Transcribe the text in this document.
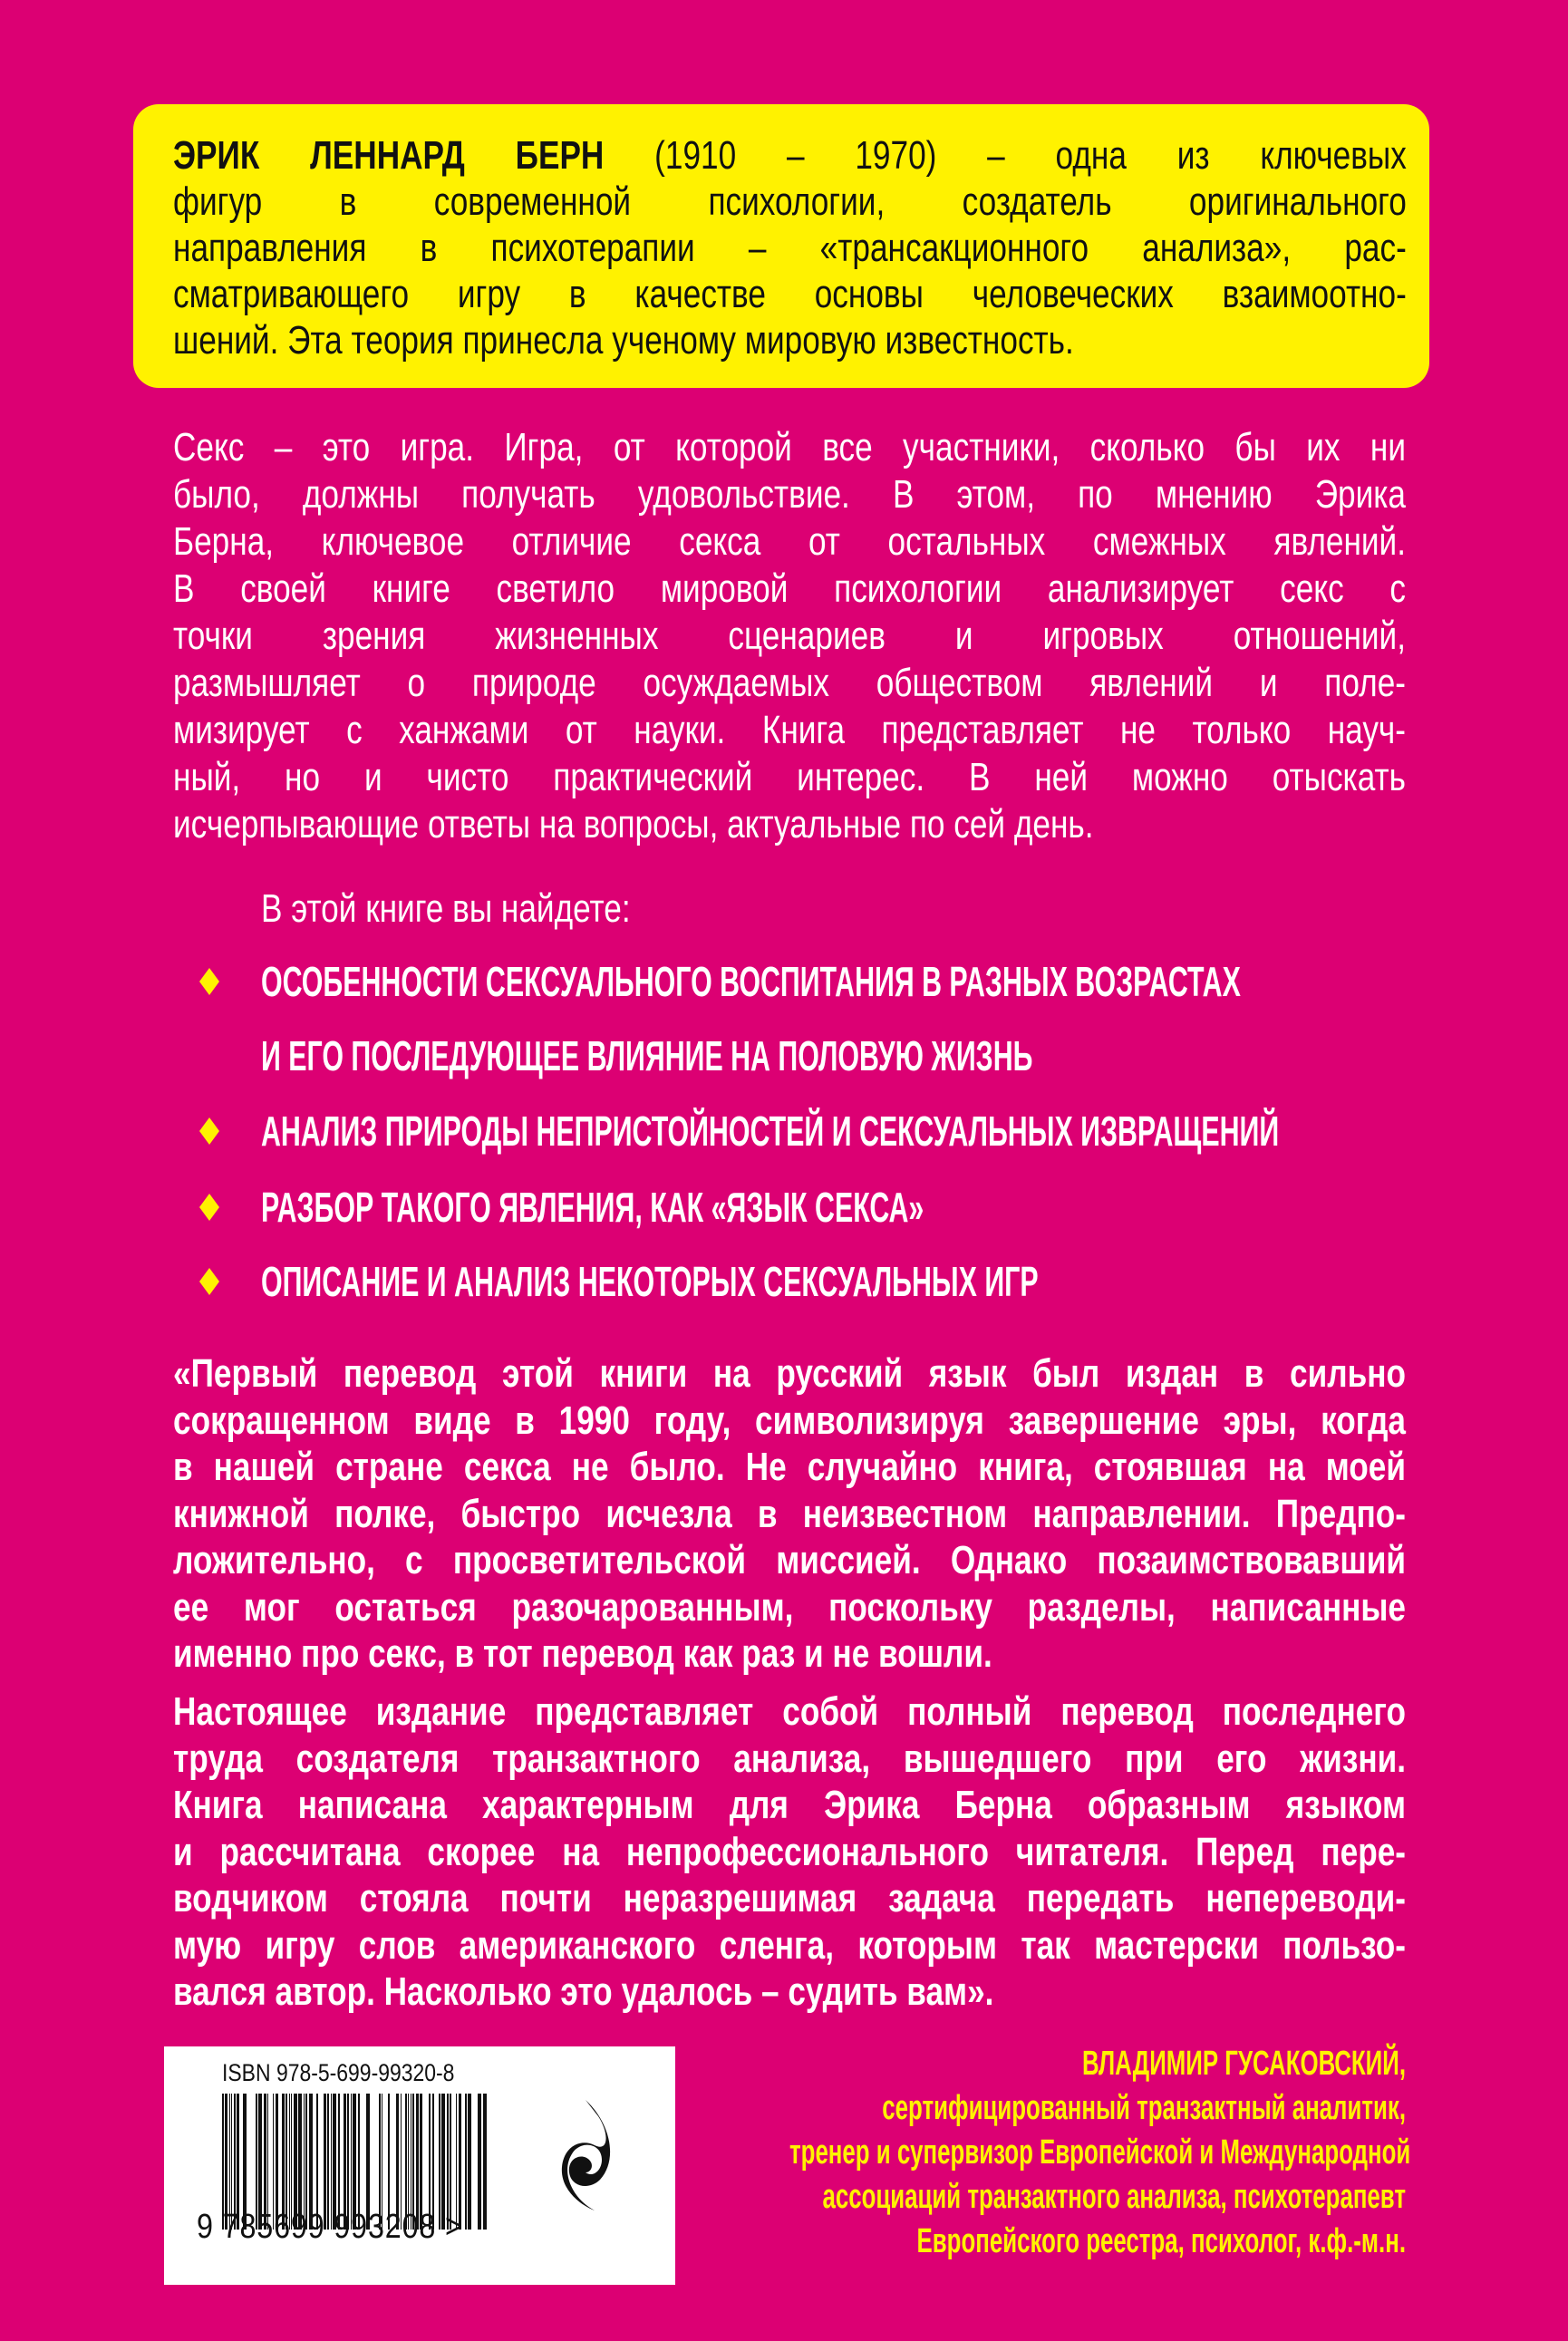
ЭРИК ЛЕННАРД БЕРН (1910 – 1970) – одна из ключевых
фигур в современной психологии, создатель оригинального
направления в психотерапии – «трансакционного анализа», рас-
сматривающего игру в качестве основы человеческих взаимоотно-
шений. Эта теория принесла ученому мировую известность.
Секс – это игра. Игра, от которой все участники, сколько бы их ни
было, должны получать удовольствие. В этом, по мнению Эрика
Берна, ключевое отличие секса от остальных смежных явлений.
В своей книге светило мировой психологии анализирует секс с
точки зрения жизненных сценариев и игровых отношений,
размышляет о природе осуждаемых обществом явлений и поле-
мизирует с ханжами от науки. Книга представляет не только науч-
ный, но и чисто практический интерес. В ней можно отыскать
исчерпывающие ответы на вопросы, актуальные по сей день.
В этой книге вы найдете:
ОСОБЕННОСТИ СЕКСУАЛЬНОГО ВОСПИТАНИЯ В РАЗНЫХ ВОЗРАСТАХ
И ЕГО ПОСЛЕДУЮЩЕЕ ВЛИЯНИЕ НА ПОЛОВУЮ ЖИЗНЬ
АНАЛИЗ ПРИРОДЫ НЕПРИСТОЙНОСТЕЙ И СЕКСУАЛЬНЫХ ИЗВРАЩЕНИЙ
РАЗБОР ТАКОГО ЯВЛЕНИЯ, КАК «ЯЗЫК СЕКСА»
ОПИСАНИЕ И АНАЛИЗ НЕКОТОРЫХ СЕКСУАЛЬНЫХ ИГР
«Первый перевод этой книги на русский язык был издан в сильно
сокращенном виде в 1990 году, символизируя завершение эры, когда
в нашей стране секса не было. Не случайно книга, стоявшая на моей
книжной полке, быстро исчезла в неизвестном направлении. Предпо-
ложительно, с просветительской миссией. Однако позаимствовавший
ее мог остаться разочарованным, поскольку разделы, написанные
именно про секс, в тот перевод как раз и не вошли.
Настоящее издание представляет собой полный перевод последнего
труда создателя транзактного анализа, вышедшего при его жизни.
Книга написана характерным для Эрика Берна образным языком
и рассчитана скорее на непрофессионального читателя. Перед пере-
водчиком стояла почти неразрешимая задача передать непереводи-
мую игру слов американского сленга, которым так мастерски пользо-
вался автор. Насколько это удалось – судить вам».
ISBN 978-5-699-99320-8
9 785699 993208 >
ВЛАДИМИР ГУСАКОВСКИЙ,
сертифицированный транзактный аналитик,
тренер и супервизор Европейской и Международной
ассоциаций транзактного анализа, психотерапевт
Европейского реестра, психолог, к.ф.-м.н.
